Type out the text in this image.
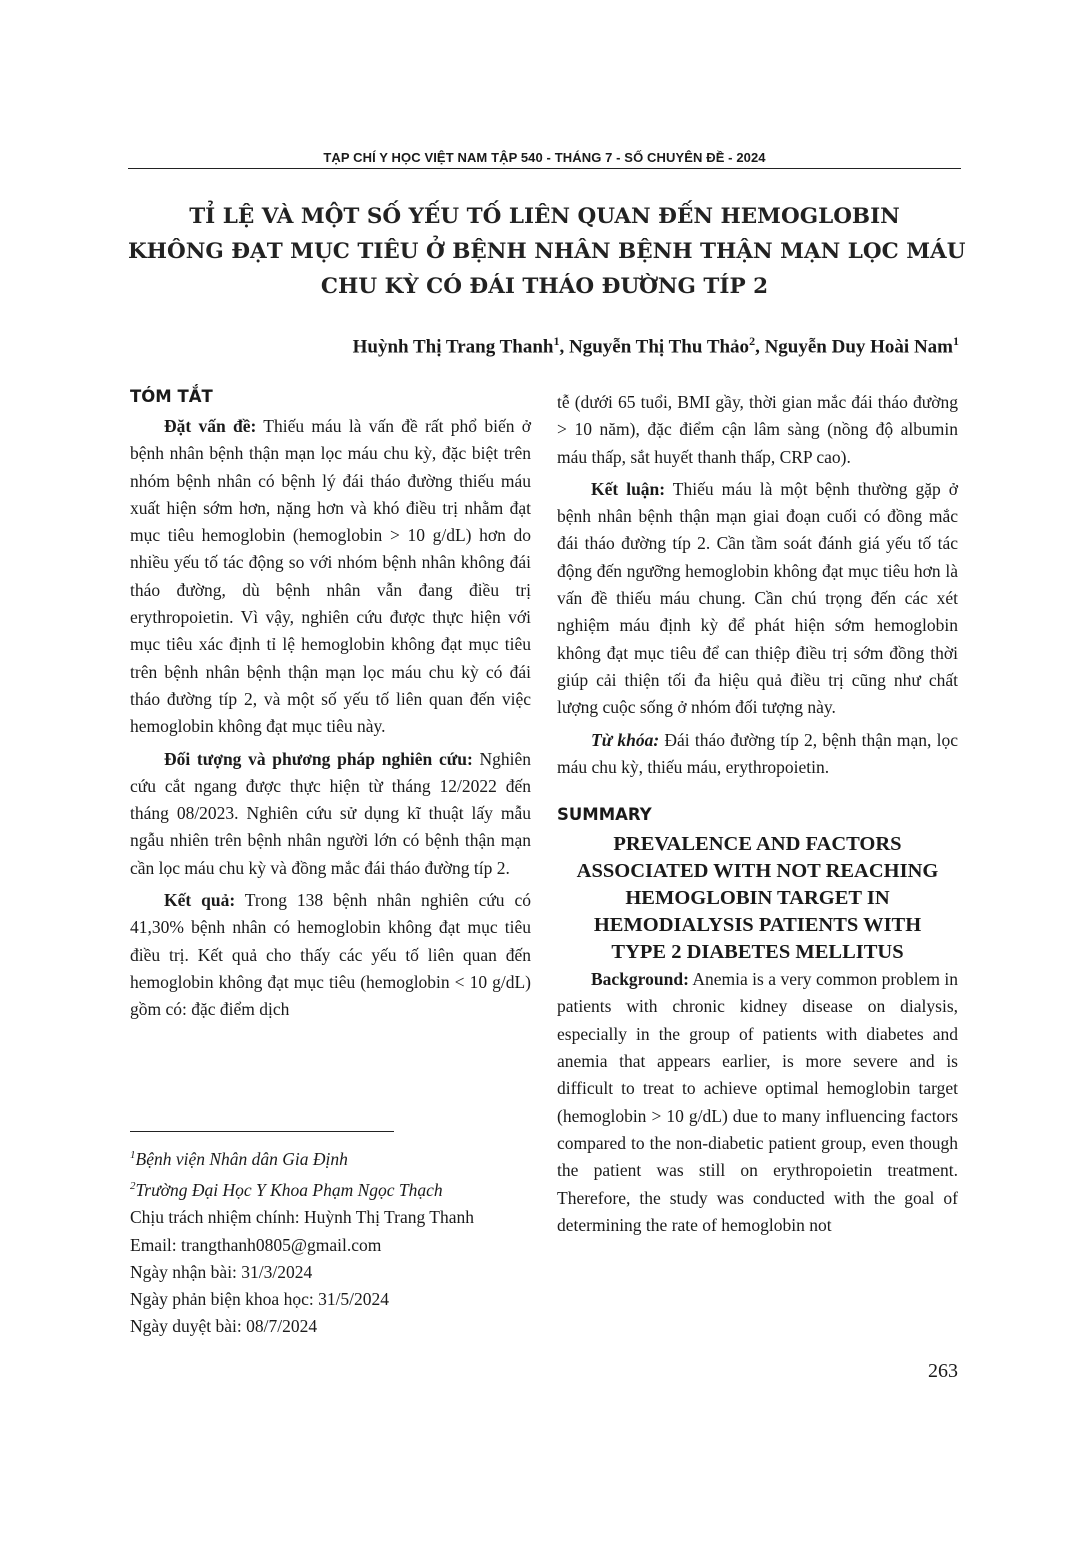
TẠP CHÍ Y HỌC VIỆT NAM TẬP 540 - THÁNG 7 - SỐ CHUYÊN ĐỀ - 2024
TỈ LỆ VÀ MỘT SỐ YẾU TỐ LIÊN QUAN ĐẾN HEMOGLOBIN
KHÔNG ĐẠT MỤC TIÊU Ở BỆNH NHÂN BỆNH THẬN MẠN LỌC MÁU
CHU KỲ CÓ ĐÁI THÁO ĐƯỜNG TÍP 2
Huỳnh Thị Trang Thanh$^1$, Nguyễn Thị Thu Thảo$^2$, Nguyễn Duy Hoài Nam$^1$
TÓM TẮT

Đặt vấn đề: Thiếu máu là vấn đề rất phổ biến ở bệnh nhân bệnh thận mạn lọc máu chu kỳ, đặc biệt trên nhóm bệnh nhân có bệnh lý đái tháo đường thiếu máu xuất hiện sớm hơn, nặng hơn và khó điều trị nhằm đạt mục tiêu hemoglobin (hemoglobin > 10 g/dL) hơn do nhiều yếu tố tác động so với nhóm bệnh nhân không đái tháo đường, dù bệnh nhân vẫn đang điều trị erythropoietin. Vì vậy, nghiên cứu được thực hiện với mục tiêu xác định tỉ lệ hemoglobin không đạt mục tiêu trên bệnh nhân bệnh thận mạn lọc máu chu kỳ có đái tháo đường típ 2, và một số yếu tố liên quan đến việc hemoglobin không đạt mục tiêu này.

Đối tượng và phương pháp nghiên cứu: Nghiên cứu cắt ngang được thực hiện từ tháng 12/2022 đến tháng 08/2023. Nghiên cứu sử dụng kĩ thuật lấy mẫu ngẫu nhiên trên bệnh nhân người lớn có bệnh thận mạn cần lọc máu chu kỳ và đồng mắc đái tháo đường típ 2.

Kết quả: Trong 138 bệnh nhân nghiên cứu có 41,30% bệnh nhân có hemoglobin không đạt mục tiêu điều trị. Kết quả cho thấy các yếu tố liên quan đến hemoglobin không đạt mục tiêu (hemoglobin < 10 g/dL) gồm có: đặc điểm dịch

$^1$Bệnh viện Nhân dân Gia Định
$^2$Trường Đại Học Y Khoa Phạm Ngọc Thạch
Chịu trách nhiệm chính: Huỳnh Thị Trang Thanh
Email: trangthanh0805@gmail.com
Ngày nhận bài: 31/3/2024
Ngày phản biện khoa học: 31/5/2024
Ngày duyệt bài: 08/7/2024

tễ (dưới 65 tuổi, BMI gầy, thời gian mắc đái tháo đường > 10 năm), đặc điểm cận lâm sàng (nồng độ albumin máu thấp, sắt huyết thanh thấp, CRP cao).

Kết luận: Thiếu máu là một bệnh thường gặp ở bệnh nhân bệnh thận mạn giai đoạn cuối có đồng mắc đái tháo đường típ 2. Cần tầm soát đánh giá yếu tố tác động đến ngưỡng hemoglobin không đạt mục tiêu hơn là vấn đề thiếu máu chung. Cần chú trọng đến các xét nghiệm máu định kỳ để phát hiện sớm hemoglobin không đạt mục tiêu để can thiệp điều trị sớm đồng thời giúp cải thiện tối đa hiệu quả điều trị cũng như chất lượng cuộc sống ở nhóm đối tượng này.

Từ khóa: Đái tháo đường típ 2, bệnh thận mạn, lọc máu chu kỳ, thiếu máu, erythropoietin.

SUMMARY
PREVALENCE AND FACTORS
ASSOCIATED WITH NOT REACHING
HEMOGLOBIN TARGET IN
HEMODIALYSIS PATIENTS WITH
TYPE 2 DIABETES MELLITUS

Background: Anemia is a very common problem in patients with chronic kidney disease on dialysis, especially in the group of patients with diabetes and anemia that appears earlier, is more severe and is difficult to treat to achieve optimal hemoglobin target (hemoglobin > 10 g/dL) due to many influencing factors compared to the non-diabetic patient group, even though the patient was still on erythropoietin treatment. Therefore, the study was conducted with the goal of determining the rate of hemoglobin not

263
